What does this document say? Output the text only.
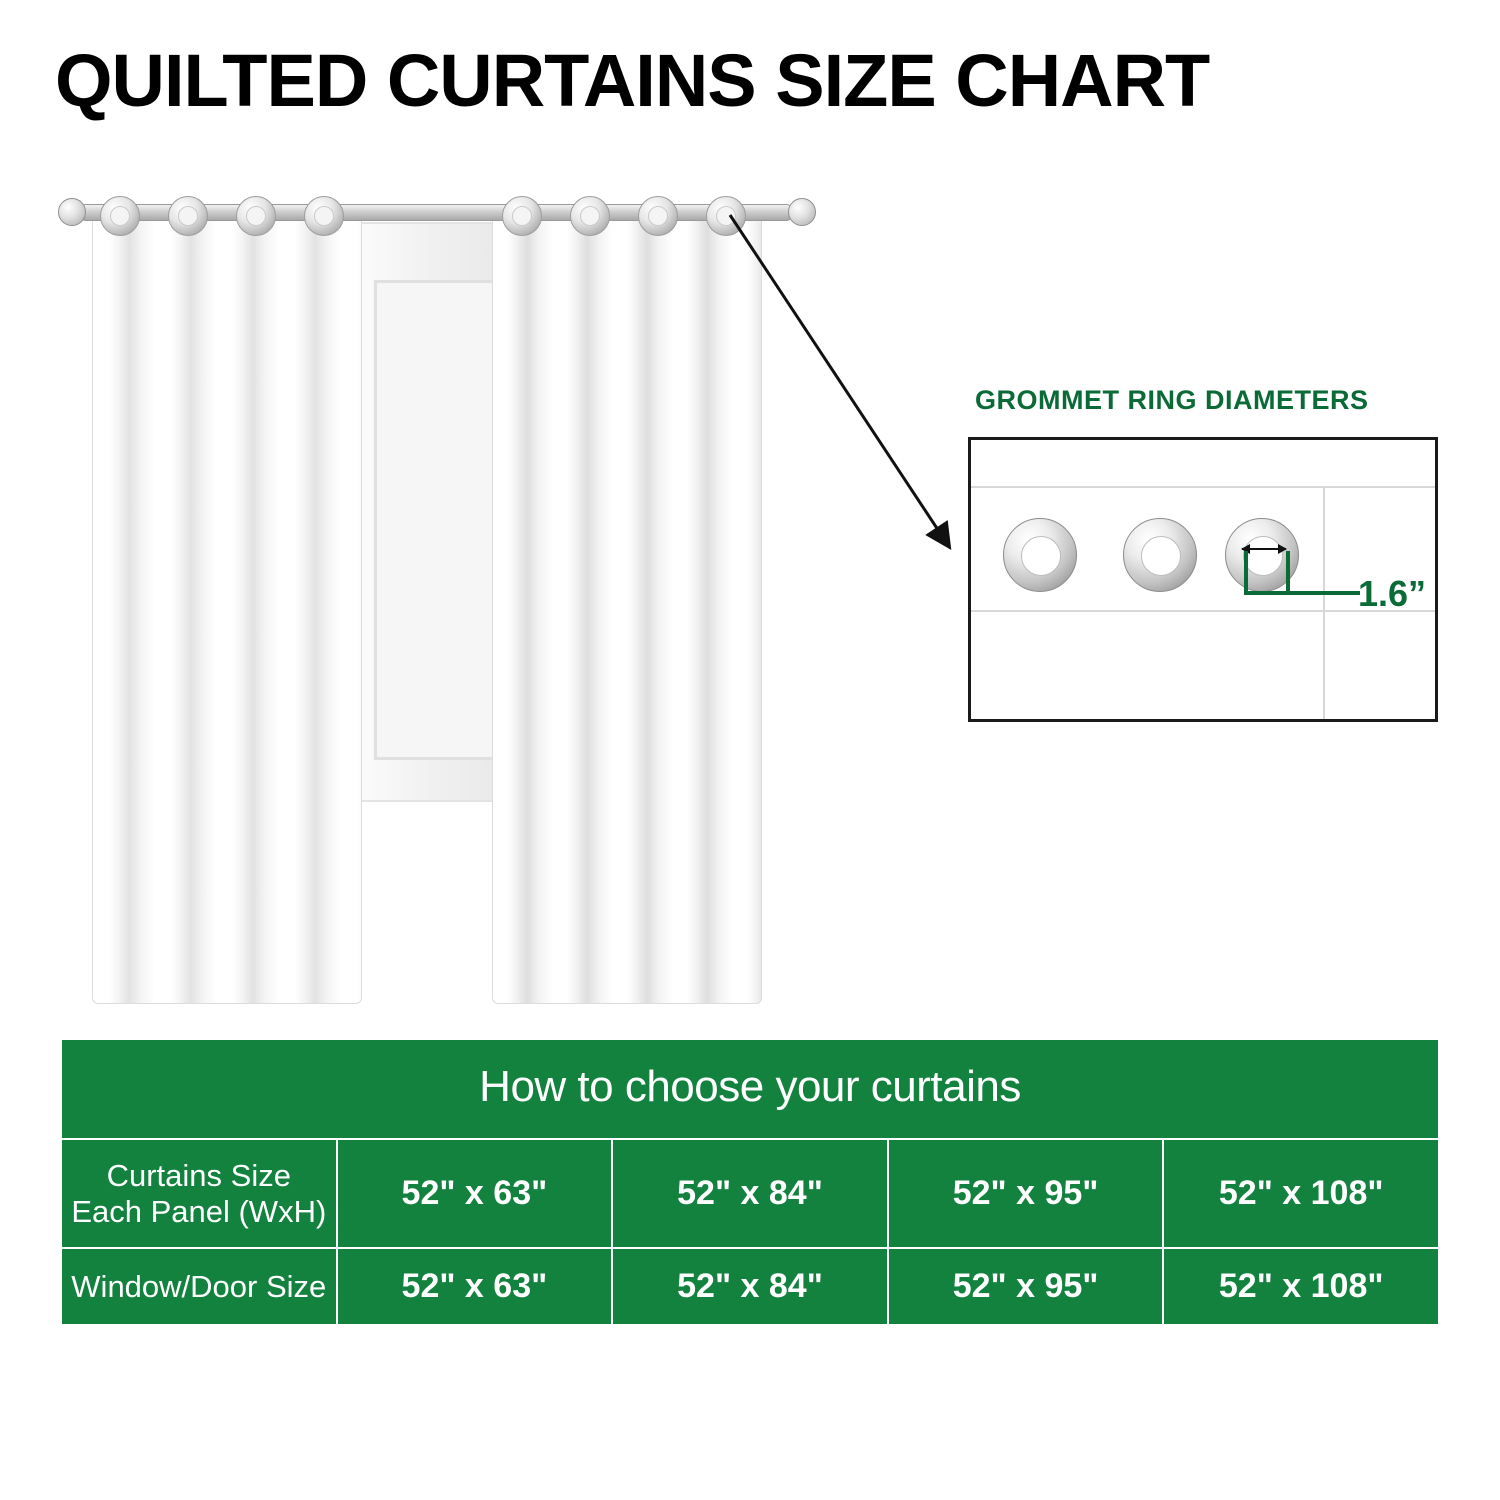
QUILTED CURTAINS SIZE CHART
GROMMET RING DIAMETERS
1.6”
How to choose your curtains				
Curtains Size Each Panel (WxH)	52" x 63"	52" x 84"	52" x 95"	52" x 108"
Window/Door Size	52" x 63"	52" x 84"	52" x 95"	52" x 108"
